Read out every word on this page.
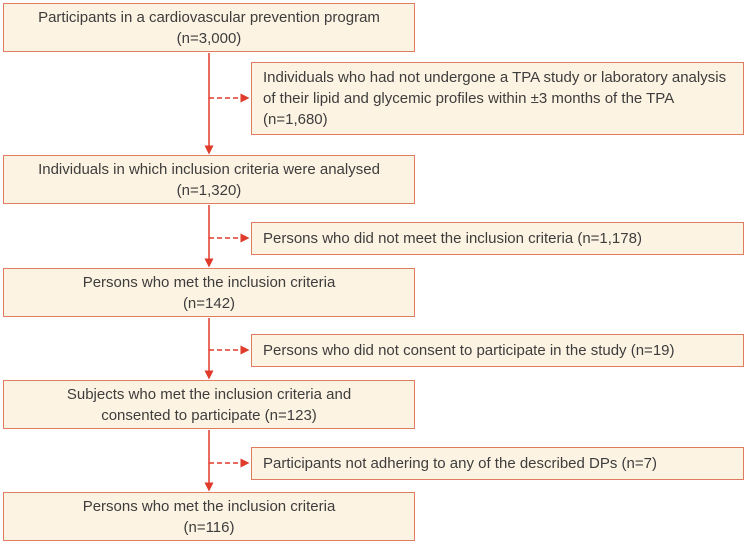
Participants in a cardiovascular prevention program
(n=3,000)
Individuals in which inclusion criteria were analysed
(n=1,320)
Persons who met the inclusion criteria
(n=142)
Subjects who met the inclusion criteria and
consented to participate (n=123)
Persons who met the inclusion criteria
(n=116)
Individuals who had not undergone a TPA study or laboratory analysis of their lipid and glycemic profiles within ±3 months of the TPA (n=1,680)
Persons who did not meet the inclusion criteria (n=1,178)
Persons who did not consent to participate in the study (n=19)
Participants not adhering to any of the described DPs (n=7)
